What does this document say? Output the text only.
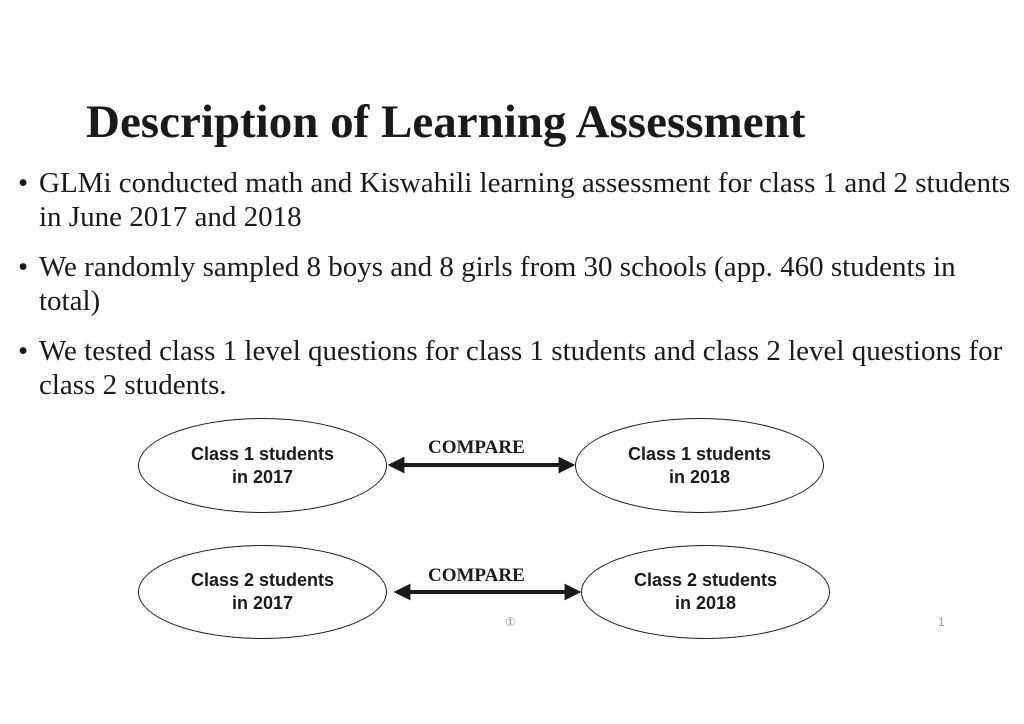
Description of Learning Assessment
• GLMi conducted math and Kiswahili learning assessment for class 1 and 2 students in June 2017 and 2018
• We randomly sampled 8 boys and 8 girls from 30 schools (app. 460 students in total)
• We tested class 1 level questions for class 1 students and class 2 level questions for class 2 students.
Class 1 students
in 2017
COMPARE	Class 1 students
in 2018
Class 2 students
in 2017
COMPARE	Class 2 students
in 2018
①	1
